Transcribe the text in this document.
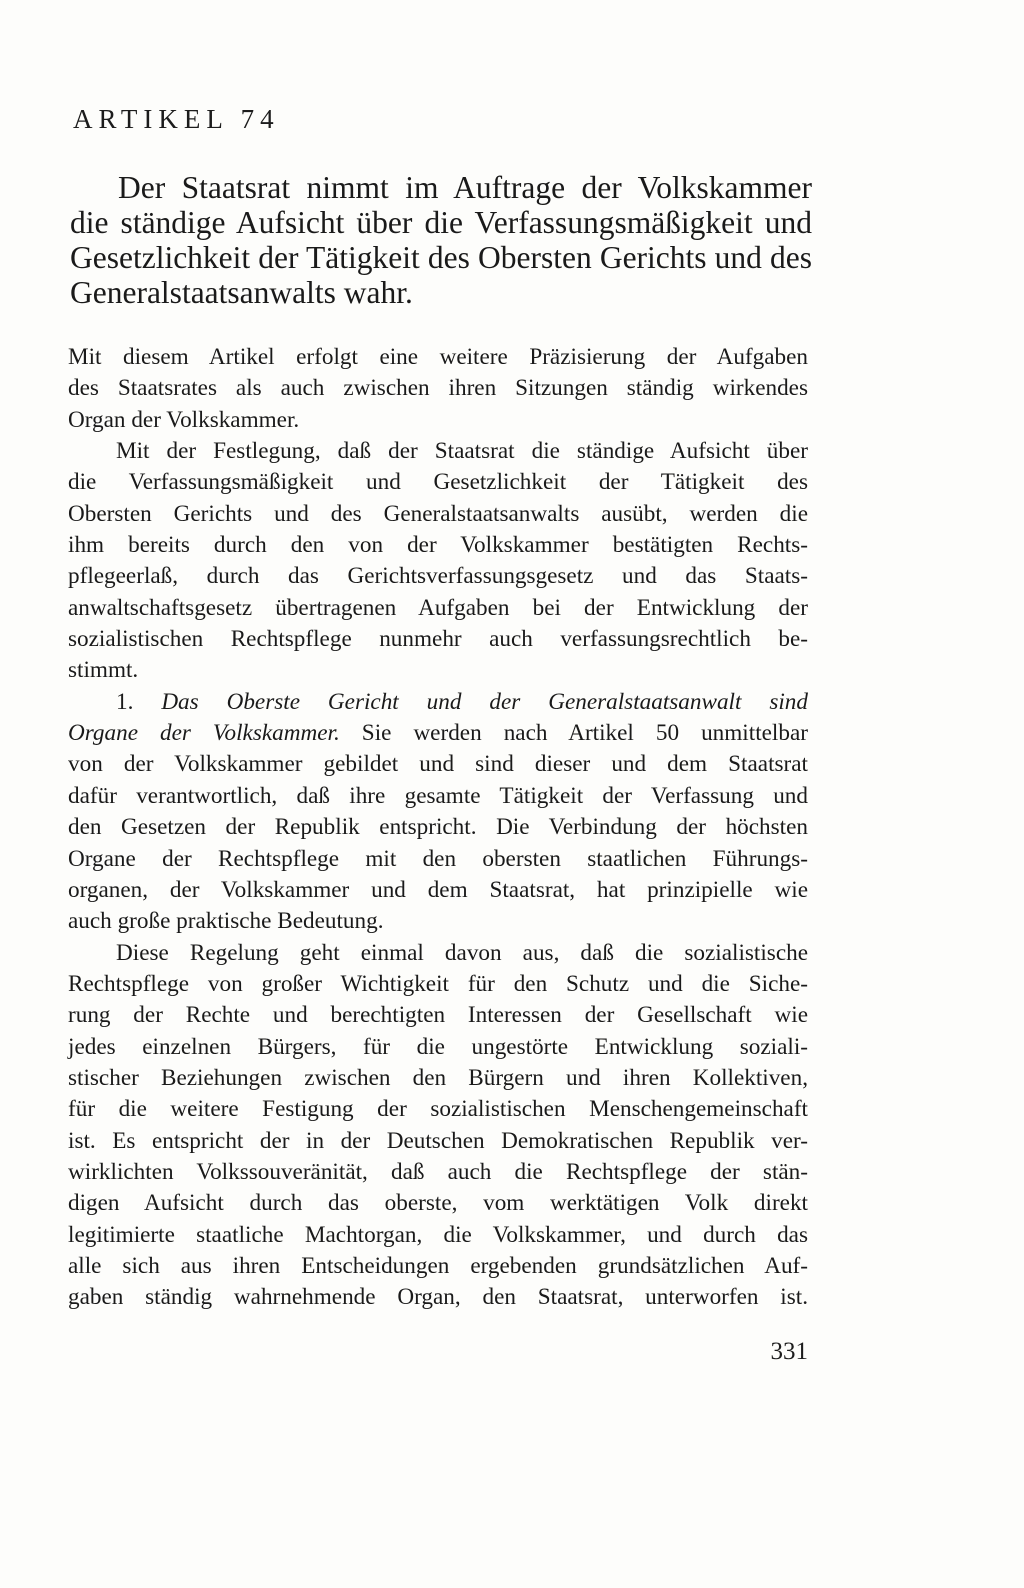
ARTIKEL 74
Der Staatsrat nimmt im Auftrage der Volkskammer
die ständige Aufsicht über die Verfassungsmäßigkeit und
Gesetzlichkeit der Tätigkeit des Obersten Gerichts und des
Generalstaatsanwalts wahr.
Mit diesem Artikel erfolgt eine weitere Präzisierung der Aufgaben
des Staatsrates als auch zwischen ihren Sitzungen ständig wirkendes
Organ der Volkskammer.
Mit der Festlegung, daß der Staatsrat die ständige Aufsicht über
die Verfassungsmäßigkeit und Gesetzlichkeit der Tätigkeit des
Obersten Gerichts und des Generalstaatsanwalts ausübt, werden die
ihm bereits durch den von der Volkskammer bestätigten Rechts-
pflegeerlaß, durch das Gerichtsverfassungsgesetz und das Staats-
anwaltschaftsgesetz übertragenen Aufgaben bei der Entwicklung der
sozialistischen Rechtspflege nunmehr auch verfassungsrechtlich be-
stimmt.
1. Das Oberste Gericht und der Generalstaatsanwalt sind
Organe der Volkskammer. Sie werden nach Artikel 50 unmittelbar
von der Volkskammer gebildet und sind dieser und dem Staatsrat
dafür verantwortlich, daß ihre gesamte Tätigkeit der Verfassung und
den Gesetzen der Republik entspricht. Die Verbindung der höchsten
Organe der Rechtspflege mit den obersten staatlichen Führungs-
organen, der Volkskammer und dem Staatsrat, hat prinzipielle wie
auch große praktische Bedeutung.
Diese Regelung geht einmal davon aus, daß die sozialistische
Rechtspflege von großer Wichtigkeit für den Schutz und die Siche-
rung der Rechte und berechtigten Interessen der Gesellschaft wie
jedes einzelnen Bürgers, für die ungestörte Entwicklung soziali-
stischer Beziehungen zwischen den Bürgern und ihren Kollektiven,
für die weitere Festigung der sozialistischen Menschengemeinschaft
ist. Es entspricht der in der Deutschen Demokratischen Republik ver-
wirklichten Volkssouveränität, daß auch die Rechtspflege der stän-
digen Aufsicht durch das oberste, vom werktätigen Volk direkt
legitimierte staatliche Machtorgan, die Volkskammer, und durch das
alle sich aus ihren Entscheidungen ergebenden grundsätzlichen Auf-
gaben ständig wahrnehmende Organ, den Staatsrat, unterworfen ist.
331
